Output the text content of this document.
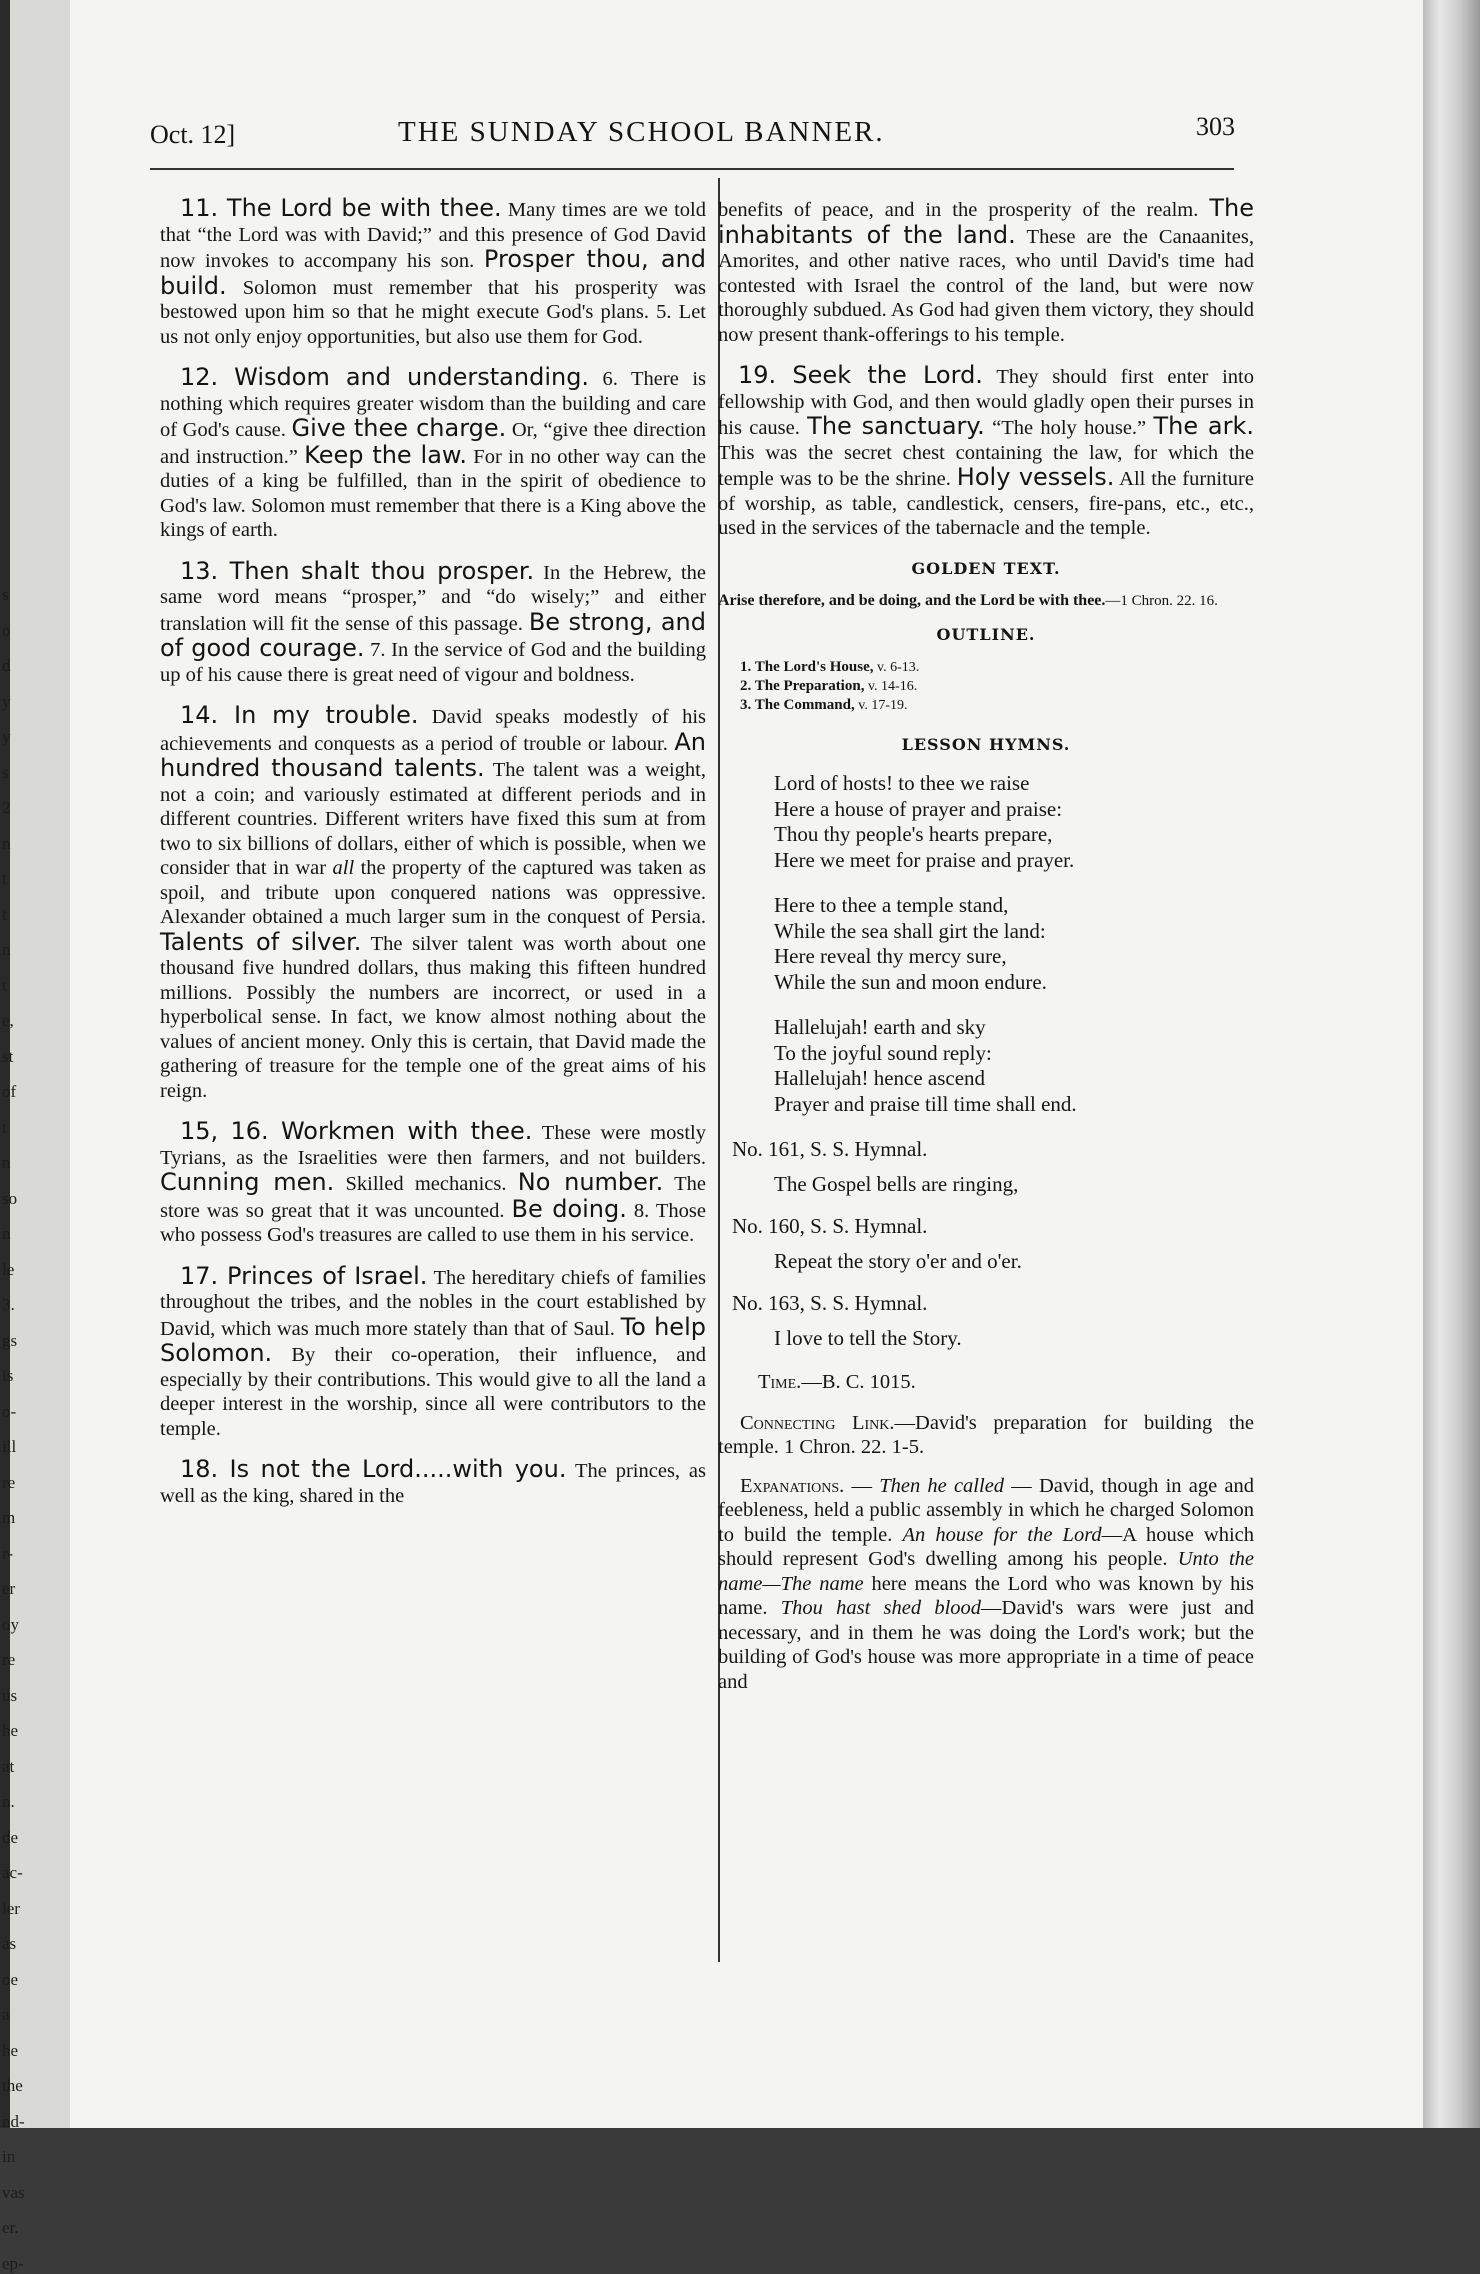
s
o
d
y
y
s
2
n
t
t
n
t
e,
st
of
t
n
so
n
le
3.
gs
is
o-
ill
re
m
r-
er
oy
re
us
he
at
n.
de
ac-
ler
as
oe
a
he
the
nd-
in
vas
er.
ep-
Oct. 12]	THE SUNDAY SCHOOL BANNER.	303

11. The Lord be with thee. Many times are we told that “the Lord was with David;” and this presence of God David now invokes to accompany his son. Prosper thou, and build. Solomon must remember that his prosperity was bestowed upon him so that he might execute God's plans. 5. Let us not only enjoy opportunities, but also use them for God.

12. Wisdom and understanding. 6. There is nothing which requires greater wisdom than the building and care of God's cause. Give thee charge. Or, “give thee direction and instruction.” Keep the law. For in no other way can the duties of a king be fulfilled, than in the spirit of obedience to God's law. Solomon must remember that there is a King above the kings of earth.

13. Then shalt thou prosper. In the Hebrew, the same word means “prosper,” and “do wisely;” and either translation will fit the sense of this passage. Be strong, and of good courage. 7. In the service of God and the building up of his cause there is great need of vigour and boldness.

14. In my trouble. David speaks modestly of his achievements and conquests as a period of trouble or labour. An hundred thousand talents. The talent was a weight, not a coin; and variously estimated at different periods and in different countries. Different writers have fixed this sum at from two to six billions of dollars, either of which is possible, when we consider that in war all the property of the captured was taken as spoil, and tribute upon conquered nations was oppressive. Alexander obtained a much larger sum in the conquest of Persia. Talents of silver. The silver talent was worth about one thousand five hundred dollars, thus making this fifteen hundred millions. Possibly the numbers are incorrect, or used in a hyperbolical sense. In fact, we know almost nothing about the values of ancient money. Only this is certain, that David made the gathering of treasure for the temple one of the great aims of his reign.

15, 16. Workmen with thee. These were mostly Tyrians, as the Israelities were then farmers, and not builders. Cunning men. Skilled mechanics. No number. The store was so great that it was uncounted. Be doing. 8. Those who possess God's treasures are called to use them in his service.

17. Princes of Israel. The hereditary chiefs of families throughout the tribes, and the nobles in the court established by David, which was much more stately than that of Saul. To help Solomon. By their co-operation, their influence, and especially by their contributions. This would give to all the land a deeper interest in the worship, since all were contributors to the temple.

18. Is not the Lord.....with you. The princes, as well as the king, shared in the

benefits of peace, and in the prosperity of the realm. The inhabitants of the land. These are the Canaanites, Amorites, and other native races, who until David's time had contested with Israel the control of the land, but were now thoroughly subdued. As God had given them victory, they should now present thank-offerings to his temple.

19. Seek the Lord. They should first enter into fellowship with God, and then would gladly open their purses in his cause. The sanctuary. “The holy house.” The ark. This was the secret chest containing the law, for which the temple was to be the shrine. Holy vessels. All the furniture of worship, as table, candlestick, censers, fire-pans, etc., etc., used in the services of the tabernacle and the temple.

GOLDEN TEXT.

Arise therefore, and be doing, and the Lord be with thee.—1 Chron. 22. 16.

OUTLINE.

1. The Lord's House, v. 6-13.
2. The Preparation, v. 14-16.
3. The Command, v. 17-19.

LESSON HYMNS.

Lord of hosts! to thee we raise
Here a house of prayer and praise:
Thou thy people's hearts prepare,
Here we meet for praise and prayer.
Here to thee a temple stand,
While the sea shall girt the land:
Here reveal thy mercy sure,
While the sun and moon endure.
Hallelujah! earth and sky
To the joyful sound reply:
Hallelujah! hence ascend
Prayer and praise till time shall end.

No. 161, S. S. Hymnal.

The Gospel bells are ringing,

No. 160, S. S. Hymnal.

Repeat the story o'er and o'er.

No. 163, S. S. Hymnal.

I love to tell the Story.

Time.—B. C. 1015.

Connecting Link.—David's preparation for building the temple. 1 Chron. 22. 1-5.

Expanations. — Then he called — David, though in age and feebleness, held a public assembly in which he charged Solomon to build the temple. An house for the Lord—A house which should represent God's dwelling among his people. Unto the name—The name here means the Lord who was known by his name. Thou hast shed blood—David's wars were just and necessary, and in them he was doing the Lord's work; but the building of God's house was more appropriate in a time of peace and
